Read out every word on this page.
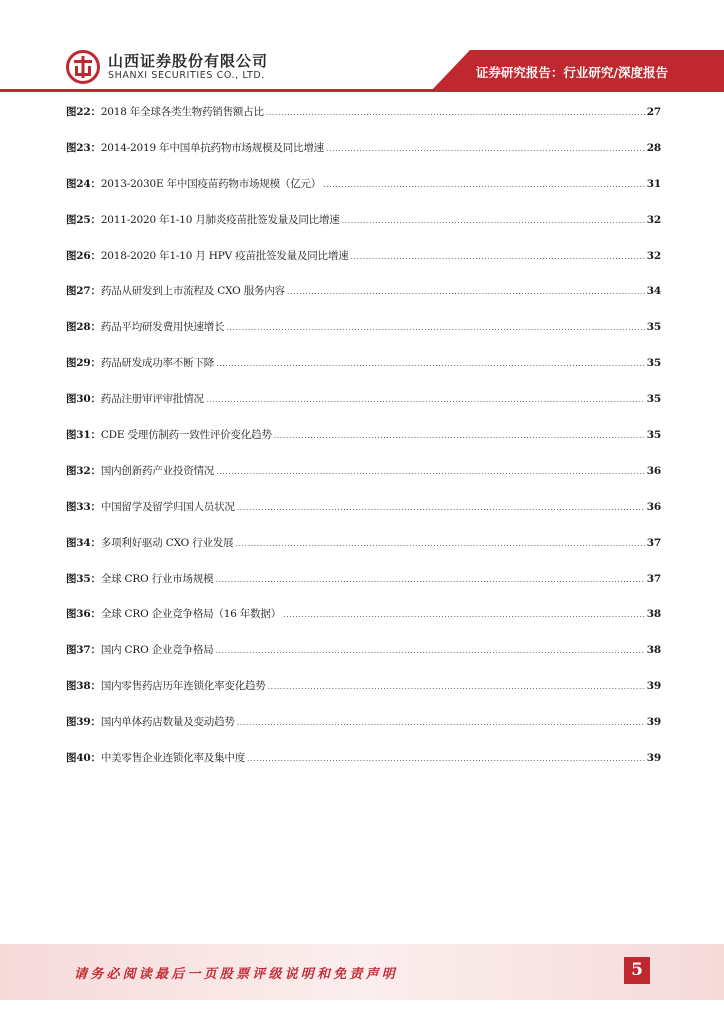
山西证券股份有限公司
SHANXI SECURITIES CO., LTD.	证券研究报告：行业研究/深度报告
图22： 2018 年全球各类生物药销售额占比 .....	27
图23： 2014-2019 年中国单抗药物市场规模及同比增速 .....	28
图24： 2013-2030E 年中国疫苗药物市场规模（亿元） .....	31
图25： 2011-2020 年1-10 月肺炎疫苗批签发量及同比增速 .....	32
图26： 2018-2020 年1-10 月 HPV 疫苗批签发量及同比增速 .....	32
图27： 药品从研发到上市流程及 CXO 服务内容 .....	34
图28： 药品平均研发费用快速增长 .....	35
图29： 药品研发成功率不断下降 .....	35
图30： 药品注册审评审批情况 .....	35
图31： CDE 受理仿制药一致性评价变化趋势 .....	35
图32： 国内创新药产业投资情况 .....	36
图33： 中国留学及留学归国人员状况 .....	36
图34： 多项利好驱动 CXO 行业发展 .....	37
图35： 全球 CRO 行业市场规模 .....	37
图36： 全球 CRO 企业竞争格局（16 年数据） .....	38
图37： 国内 CRO 企业竞争格局 .....	38
图38： 国内零售药店历年连锁化率变化趋势 .....	39
图39： 国内单体药店数量及变动趋势 .....	39
图40： 中美零售企业连锁化率及集中度 .....	39
请务必阅读最后一页股票评级说明和免责声明	5
